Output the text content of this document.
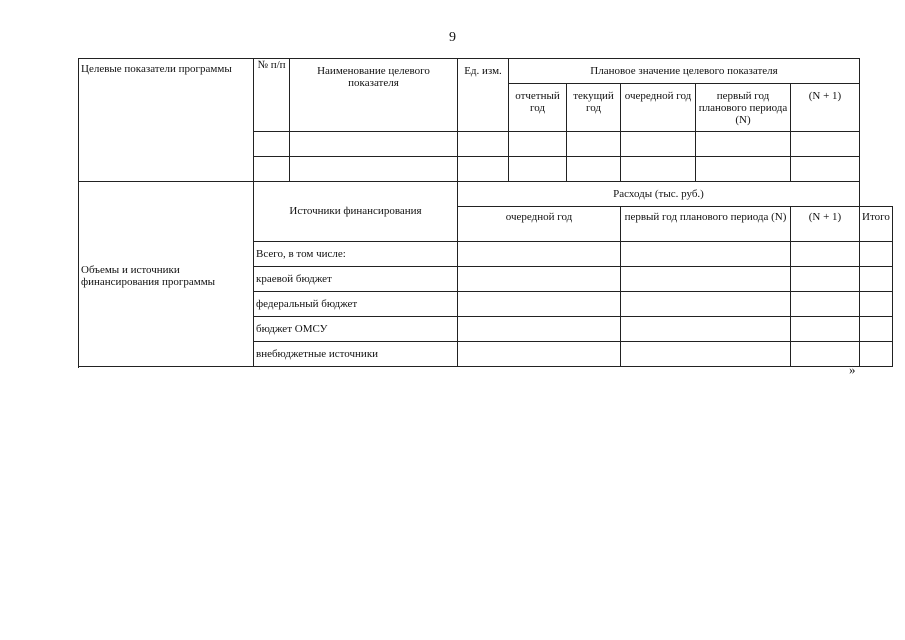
9
Целевые показатели программы	№ п/п	Наименование целевого показателя	Ед. изм.	Плановое значение целевого показателя					
				отчетный год	текущий год	очередной год	первый год планового периода (N)	(N + 1)	

Объемы и источники финансирования программы	Источники финансирования		Расходы (тыс. руб.)						
			очередной год			первый год планового периода (N)		(N + 1)	Итого
	Всего, в том числе:								
	краевой бюджет								
	федеральный бюджет								
	бюджет ОМСУ								
	внебюджетные источники								

»
